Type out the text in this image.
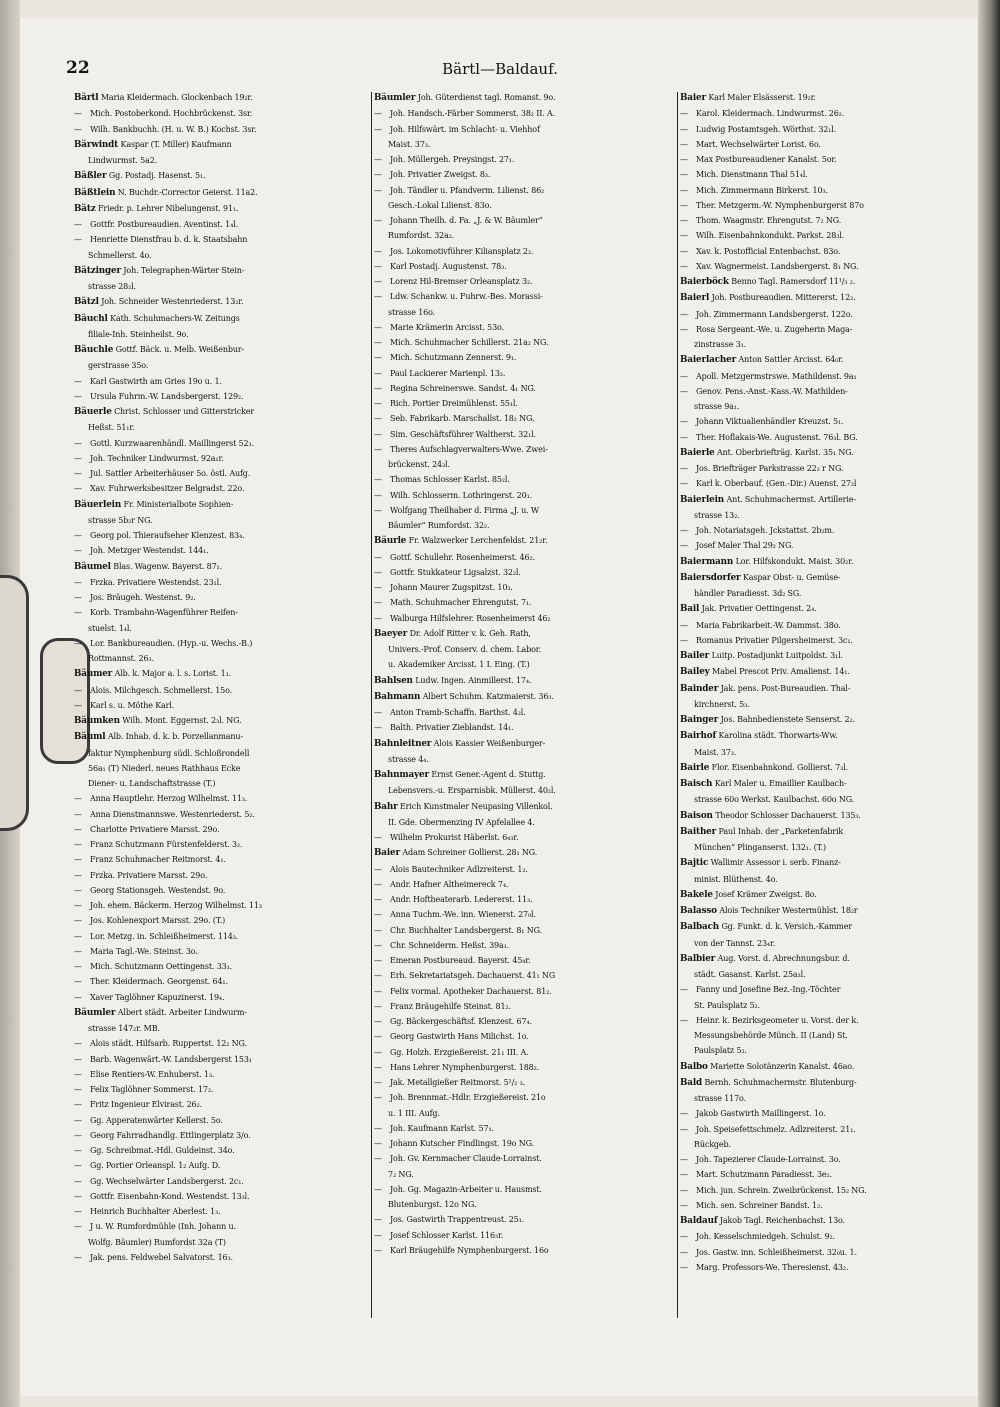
22	Bärtl—Baldauf.
Bärtl Maria Kleidermach. Glockenbach 19₂r.
— Mich. Postoberkond. Hochbrückenst. 3sr.
— Wilh. Bankbuchh. (H. u. W. B.) Kochst. 3sr.
Bärwindt Kaspar (T. Miller) Kaufmann
Lindwurmst. 5a2.
Bäßler Gg. Postadj. Hasenst. 5₁.
Bäßtlein N. Buchdr.-Corrector Geierst. 11a2.
Bätz Friedr. p. Lehrer Nibelungenst. 91₁.
— Gottfr. Postbureaudien. Aventinst. 1₄l.
— Henriette Dienstfrau b. d. k. Staatsbahn
Schmellerst. 4o.
Bätzinger Joh. Telegraphen-Wärter Stein-
strasse 28₂l.
Bätzl Joh. Schneider Westenriederst. 13₂r.
Bäuchl Kath. Schuhmachers-W. Zeitungs
filiale-Inh. Steinheilst. 9o.
Bäuchle Gottf. Bäck. u. Melb. Weißenbur-
gerstrasse 35o.
— Karl Gastwirth am Gries 19o u. 1.
— Ursula Fuhrm.-W. Landsbergerst. 129₂.
Bäuerle Christ. Schlosser und Gitterstricker
Heßst. 51₁r.
— Gottl. Kurzwaarenhändl. Maillingerst 52₃.
— Joh. Techniker Lindwurmst. 92a₁r.
— Jul. Sattler Arbeiterhäuser 5o. östl. Aufg.
— Xav. Fuhrwerksbesitzer Belgradst. 22o.
Bäuerlein Fr. Ministerialbote Sophien-
strasse 5b₂r NG.
— Georg pol. Thieraufseher Klenzest. 83₄.
— Joh. Metzger Westendst. 144₁.
Bäumel Blas. Wagenw. Bayerst. 87₁.
— Frzka. Privatiere Westendst. 23₁l.
— Jos. Bräugeh. Westenst. 9₂.
— Korb. Trambahn-Wagenführer Reifen-
stuelst. 1₄l.
— Lor. Bankbureaudien. (Hyp.-u. Wechs.-B.)
Rottmannst. 26₃.
Bäumer Alb. k. Major a. l. s. Lorist. 1₁.
— Alois. Milchgesch. Schmellerst. 15o.
— Karl s. u. Möthe Karl.
Bäumken Wilh. Mont. Eggernst. 2₃l. NG.
Bäuml Alb. Inhab. d. k. b. Porzellanmanu-
faktur Nymphenburg südl. Schloßrondell
56a₁ (T) Niederl. neues Rathhaus Ecke
Diener- u. Landschaftstrasse (T.)
— Anna Hauptlehr. Herzog Wilhelmst. 11₃.
— Anna Dienstmannswe. Westenriederst. 5₂.
— Charlotte Privatiere Marsst. 29o.
— Franz Schutzmann Fürstenfelderst. 3₂.
— Franz Schuhmacher Reitmorst. 4₁.
— Frzka. Privatiere Marsst. 29o.
— Georg Stationsgeh. Westendst. 9o.
— Joh. ehem. Bäckerm. Herzog Wilhelmst. 11₃
— Jos. Kohlenexport Marsst. 29o. (T.)
— Lor. Metzg. in. Schleißheimerst. 114₃.
— Maria Tagl.-We. Steinst. 3o.
— Mich. Schutzmann Oettingenst. 33₁.
— Ther. Kleidermach. Georgenst. 64₁.
— Xaver Taglöhner Kapuzinerst. 19₄.
Bäumler Albert städt. Arbeiter Lindwurm-
strasse 147₂r. MB.
— Alois städt. Hilfsarb. Ruppertst. 12₂ NG.
— Barb. Wagenwärt.-W. Landsbergerst 153₁
— Elise Rentiers-W. Enhuberst. 1₃.
— Felix Taglöhner Sommerst. 17₂.
— Fritz Ingenieur Elvirast. 26₂.
— Gg. Apperatenwärter Kellerst. 5o.
— Georg Fahrradhandlg. Ettlingerplatz 3/o.
— Gg. Schreibmat.-Hdl. Guldeinst. 34o.
— Gg. Portier Orleanspl. 1₂ Aufg. D.
— Gg. Wechselwärter Landsbergerst. 2c₁.
— Gottfr. Eisenbahn-Kond. Westendst. 13₃l.
— Heinrich Buchhalter Aberlest. 1₃.
— J u. W. Rumfordmühle (Inh. Johann u.
Wolfg. Bäumler) Rumfordst 32a (T)
— Jak. pens. Feldwebel Salvatorst. 16₃.
Bäumler Joh. Güterdienst tagl. Romanst. 9o.
— Joh. Handsch.-Färber Sommerst. 38₂ II. A.
— Joh. Hilfswärt. im Schlacht- u. Viehhof
Maist. 37₃.
— Joh. Müllergeh. Preysingst. 27₁.
— Joh. Privatier Zweigst. 8₃.
— Joh. Tändler u. Pfandverm. Lilienst. 86₂
Gesch.-Lokal Lilienst. 83o.
— Johann Theilh. d. Fa. „J. & W. Bäumler“
Rumfordst. 32a₂.
— Jos. Lokomotivführer Kiliansplatz 2₂.
— Karl Postadj. Augustenst. 78₃.
— Lorenz Hil-Bremser Orleansplatz 3₂.
— Ldw. Schankw. u. Fuhrw.-Bes. Morassi-
strasse 16o.
— Marie Krämerin Arcisst. 53o.
— Mich. Schuhmacher Schillerst. 21a₂ NG.
— Mich. Schutzmann Zennerst. 9₁.
— Paul Lackierer Marienpl. 13₃.
— Regina Schreinerswe. Sandst. 4₁ NG.
— Rich. Portier Dreimühlenst. 55₁l.
— Seb. Fabrikarb. Marschallst. 18₂ NG.
— Sim. Geschäftsführer Waltherst. 32₁l.
— Theres Aufschlagverwalters-Wwe. Zwei-
brückenst. 24₃l.
— Thomas Schlosser Karlst. 85₂l.
— Wilh. Schlosserm. Lothringerst. 20₁.
— Wolfgang Theilhaber d. Firma „J. u. W
Bäumler“ Rumfordst. 32₂.
Bäurle Fr. Walzwerker Lerchenfeldst. 21₂r.
— Gottf. Schullehr. Rosenheimerst. 46₂.
— Gottfr. Stukkateur Ligsalzst. 32₂l.
— Johann Maurer Zugspitzst. 10₃.
— Math. Schuhmacher Ehrengutst. 7₁.
— Walburga Hilfslehrer. Rosenheimerst 46₂
Baeyer Dr. Adolf Ritter v. k. Geh. Rath,
Univers.-Prof. Conserv. d. chem. Labor.
u. Akademiker Arcisst. 1 I. Eing. (T.)
Bahlsen Ludw. Ingen. Ainmillerst. 17₄.
Bahmann Albert Schuhm. Katzmaierst. 36₃.
— Anton Tramb-Schaffn. Barthst. 4₂l.
— Balth. Privatier Zieblandst. 14₁.
Bahnleitner Alois Kassier Weißenburger-
strasse 4₄.
Bahnmayer Ernst Gener.-Agent d. Stuttg.
Lebensvers.-u. Ersparnisbk. Müllerst. 40₂l.
Bahr Erich Kunstmaler Neupasing Villenkol.
II. Gde. Obermenzing IV Apfelallee 4.
— Wilhelm Prokurist Häberlst. 6₄₃r.
Baier Adam Schreiner Gollierst. 28₁ NG.
— Alois Bautechniker Adlzreiterst. 1₂.
— Andr. Hafner Altheimereck 7₄.
— Andr. Hoftheaterarb. Ledererst. 11₃.
— Anna Tuchm.-We. inn. Wienerst. 27₀l.
— Chr. Buchhalter Landsbergerst. 8₁ NG.
— Chr. Schneiderm. Heßst. 39a₁.
— Emeran Postbureaud. Bayerst. 45₄r.
— Erh. Sekretariatsgeh. Dachauerst. 41₁ NG
— Felix vormal. Apotheker Dachauerst. 81₂.
— Franz Bräugehilfe Steinst. 81₂.
— Gg. Bäckergeschäftsf. Klenzest. 67₄.
— Georg Gastwirth Hans Milichst. 1o.
— Gg. Holzh. Erzgießereist. 21₁ III. A.
— Hans Lehrer Nymphenburgerst. 188₂.
— Jak. Metallgießer Reitmorst. 5¹/₂ ₃.
— Joh. Brennmat.-Hdlr. Erzgießereist. 21o
u. 1 III. Aufg.
— Joh. Kaufmann Karlst. 57₁.
— Johann Kutscher Findlingst. 19o NG.
— Joh. Gv. Kernmacher Claude-Lorrainst.
7₂ NG.
— Joh. Gg. Magazin-Arbeiter u. Hausmst.
Blutenburgst. 12o NG.
— Jos. Gastwirth Trappentreust. 25₁.
— Josef Schlosser Karlst. 116₃r.
— Karl Bräugehilfe Nymphenburgerst. 16o
Baier Karl Maler Elsässerst. 19₂r.
— Karol. Kleidermach. Lindwurmst. 26₂.
— Ludwig Postamtsgeh. Wörthst. 32₁l.
— Mart. Wechselwärter Lorist. 6o.
— Max Postbureaudiener Kanalst. 5or.
— Mich. Dienstmann Thal 51₄l.
— Mich. Zimmermann Birkerst. 10₃.
— Ther. Metzgerm.-W. Nymphenburgerst 87o
— Thom. Waagmstr. Ehrengutst. 7₂ NG.
— Wilh. Eisenbahnkondukt. Parkst. 28₃l.
— Xav. k. Postofficial Entenbachst. 83o.
— Xav. Wagnermeist. Landsbergerst. 8₁ NG.
Baierböck Benno Tagl. Ramersdorf 11¹/₃ ₂.
Baierl Joh. Postbureaudien. Mittererst. 12₂.
— Joh. Zimmermann Landsbergerst. 122o.
— Rosa Sergeant.-We. u. Zugeherin Maga-
zinstrasse 3₁.
Baierlacher Anton Sattler Arcisst. 64₀r.
— Apoll. Metzgermstrswe. Mathildenst. 9a₁
— Genov. Pens.-Anst.-Kass.-W. Mathilden-
strasse 9a₁.
— Johann Viktualienhändler Kreuzst. 5₁.
— Ther. Hoflakais-We. Augustenst. 76₃l. BG.
Baierle Ant. Oberbriefträg. Karlst. 35₁ NG.
— Jos. Briefträger Parkstrasse 22₂ r NG.
— Karl k. Oberbauf. (Gen.-Dir.) Auenst. 27₂l
Baierlein Ant. Schuhmachermst. Artillerie-
strasse 13₂.
— Joh. Notariatsgeh. Jckstattst. 2b₂m.
— Josef Maler Thal 29₂ NG.
Baiermann Lor. Hilfskondukt. Maist. 30₂r.
Baiersdorfer Kaspar Obst- u. Gemüse-
händler Paradiesst. 3d₂ SG.
Bail Jak. Privatier Oettingenst. 2₄.
— Maria Fabrikarbeit.-W. Dammst. 38o.
— Romanus Privatier Pilgersheimerst. 3c₁.
Bailer Luitp. Postadjunkt Luitpoldst. 3₁l.
Bailey Mabel Prescot Priv. Amalienst. 14₁.
Bainder Jak. pens. Post-Bureaudien. Thal-
kirchnerst. 5₃.
Bainger Jos. Bahnbedienstete Senserst. 2₂.
Bairhof Karolina städt. Thorwarts-Ww.
Maist. 37₃.
Bairle Flor. Eisenbahnkond. Gollierst. 7₃l.
Baisch Karl Maler u. Emaillier Kaulbach-
strasse 60o Werkst. Kaulbachst. 60o NG.
Baison Theodor Schlosser Dachauerst. 135₃.
Baither Paul Inhab. der „Parketenfabrik
München“ Plinganserst. 132₁. (T.)
Bajtic Wallimir Assessor i. serb. Finanz-
minist. Blüthenst. 4o.
Bakele Josef Krämer Zweigst. 8o.
Balasso Alois Techniker Westermühlst. 18₂r
Balbach Gg. Funkt. d. k. Versich.-Kammer
von der Tannst. 23₄r.
Balbier Aug. Vorst. d. Abrechnungsbur. d.
städt. Gasanst. Karlst. 25a₃l.
— Fanny und Josefine Bez.-Ing.-Töchter
St. Paulsplatz 5₂.
— Heinr. k. Bezirksgeometer u. Vorst. der k.
Messungsbehörde Münch. II (Land) St.
Paulsplatz 5₂.
Balbo Mariette Solotänzerin Kanalst. 46ao.
Bald Bernh. Schuhmachermstr. Blutenburg-
strasse 117o.
— Jakob Gastwirth Maillingerst. 1o.
— Joh. Speisefettschmelz. Adlzreiterst. 21₁.
Rückgeb.
— Joh. Tapezierer Claude-Lorrainst. 3o.
— Mart. Schutzmann Paradiesst. 3e₂.
— Mich. jun. Schrein. Zweibrückenst. 15₂ NG.
— Mich. sen. Schreiner Bandst. 1₂.
Baldauf Jakob Tagl. Reichenbachst. 13o.
— Joh. Kesselschmiedgeh. Schulst. 9₂.
— Jos. Gastw. inn. Schleißheimerst. 32₀u. 1.
— Marg. Professors-We. Theresienst. 43₂.
